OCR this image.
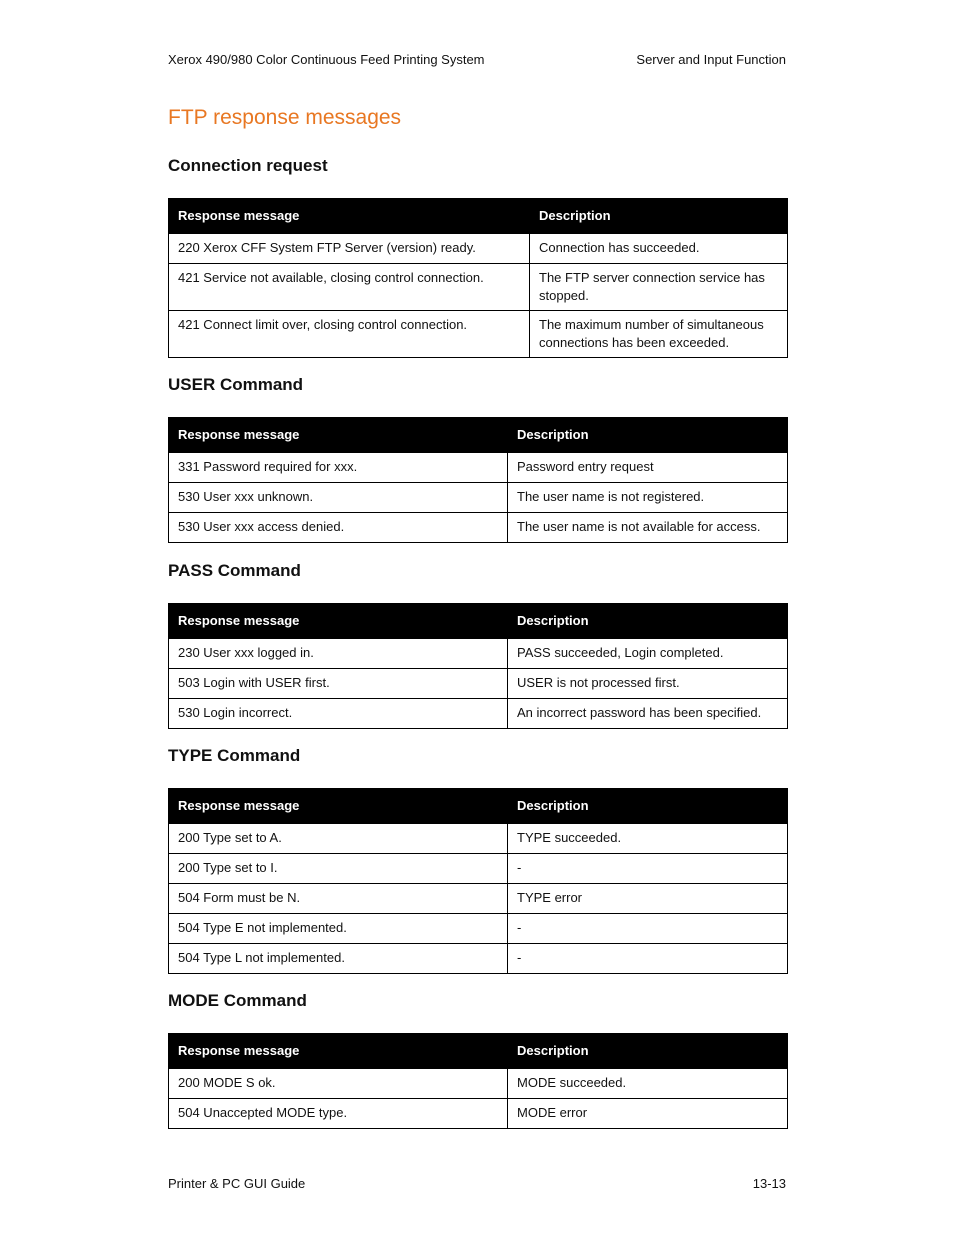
Xerox 490/980 Color Continuous Feed Printing System	Server and Input Function
FTP response messages
Connection request
Response message	Description
220 Xerox CFF System FTP Server (version) ready.	Connection has succeeded.
421 Service not available, closing control connection.	The FTP server connection service has stopped.
421 Connect limit over, closing control connection.	The maximum number of simultaneous connections has been exceeded.
USER Command
Response message	Description
331 Password required for xxx.	Password entry request
530 User xxx unknown.	The user name is not registered.
530 User xxx access denied.	The user name is not available for access.
PASS Command
Response message	Description
230 User xxx logged in.	PASS succeeded, Login completed.
503 Login with USER first.	USER is not processed first.
530 Login incorrect.	An incorrect password has been specified.
TYPE Command
Response message	Description
200 Type set to A.	TYPE succeeded.
200 Type set to I.	-
504 Form must be N.	TYPE error
504 Type E not implemented.	-
504 Type L not implemented.	-
MODE Command
Response message	Description
200 MODE S ok.	MODE succeeded.
504 Unaccepted MODE type.	MODE error
Printer & PC GUI Guide	13-13
